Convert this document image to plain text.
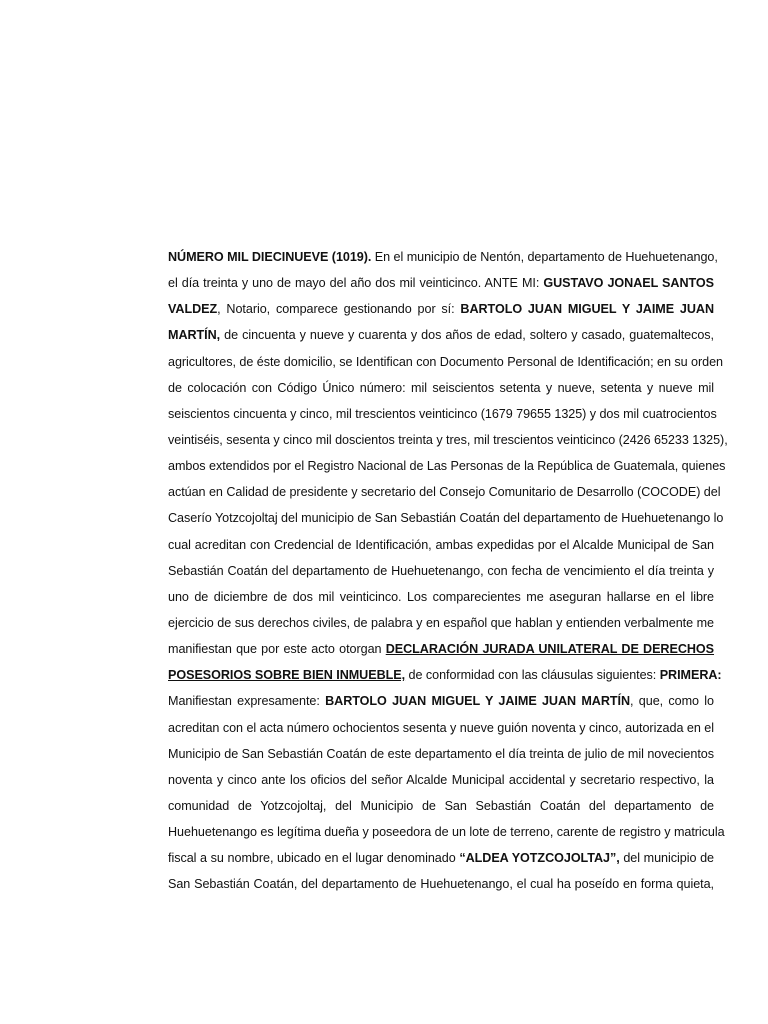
NÚMERO MIL DIECINUEVE (1019). En el municipio de Nentón, departamento de Huehuetenango,
el día treinta y uno de mayo del año dos mil veinticinco. ANTE MI: GUSTAVO JONAEL SANTOS
VALDEZ, Notario, comparece gestionando por sí: BARTOLO JUAN MIGUEL Y JAIME JUAN
MARTÍN, de cincuenta y nueve y cuarenta y dos años de edad, soltero y casado, guatemaltecos,
agricultores, de éste domicilio, se Identifican con Documento Personal de Identificación; en su orden
de colocación con Código Único número: mil seiscientos setenta y nueve, setenta y nueve mil
seiscientos cincuenta y cinco, mil trescientos veinticinco (1679 79655 1325) y dos mil cuatrocientos
veintiséis, sesenta y cinco mil doscientos treinta y tres, mil trescientos veinticinco (2426 65233 1325),
ambos extendidos por el Registro Nacional de Las Personas de la República de Guatemala, quienes
actúan en Calidad de presidente y secretario del Consejo Comunitario de Desarrollo (COCODE) del
Caserío Yotzcojoltaj del municipio de San Sebastián Coatán del departamento de Huehuetenango lo
cual acreditan con Credencial de Identificación, ambas expedidas por el Alcalde Municipal de San
Sebastián Coatán del departamento de Huehuetenango, con fecha de vencimiento el día treinta y
uno de diciembre de dos mil veinticinco. Los comparecientes me aseguran hallarse en el libre
ejercicio de sus derechos civiles, de palabra y en español que hablan y entienden verbalmente me
manifiestan que por este acto otorgan DECLARACIÓN JURADA UNILATERAL DE DERECHOS
POSESORIOS SOBRE BIEN INMUEBLE, de conformidad con las cláusulas siguientes: PRIMERA:
Manifiestan expresamente: BARTOLO JUAN MIGUEL Y JAIME JUAN MARTÍN, que, como lo
acreditan con el acta número ochocientos sesenta y nueve guión noventa y cinco, autorizada en el
Municipio de San Sebastián Coatán de este departamento el día treinta de julio de mil novecientos
noventa y cinco ante los oficios del señor Alcalde Municipal accidental y secretario respectivo, la
comunidad de Yotzcojoltaj, del Municipio de San Sebastián Coatán del departamento de
Huehuetenango es legítima dueña y poseedora de un lote de terreno, carente de registro y matricula
fiscal a su nombre, ubicado en el lugar denominado “ALDEA YOTZCOJOLTAJ”, del municipio de
San Sebastián Coatán, del departamento de Huehuetenango, el cual ha poseído en forma quieta,
